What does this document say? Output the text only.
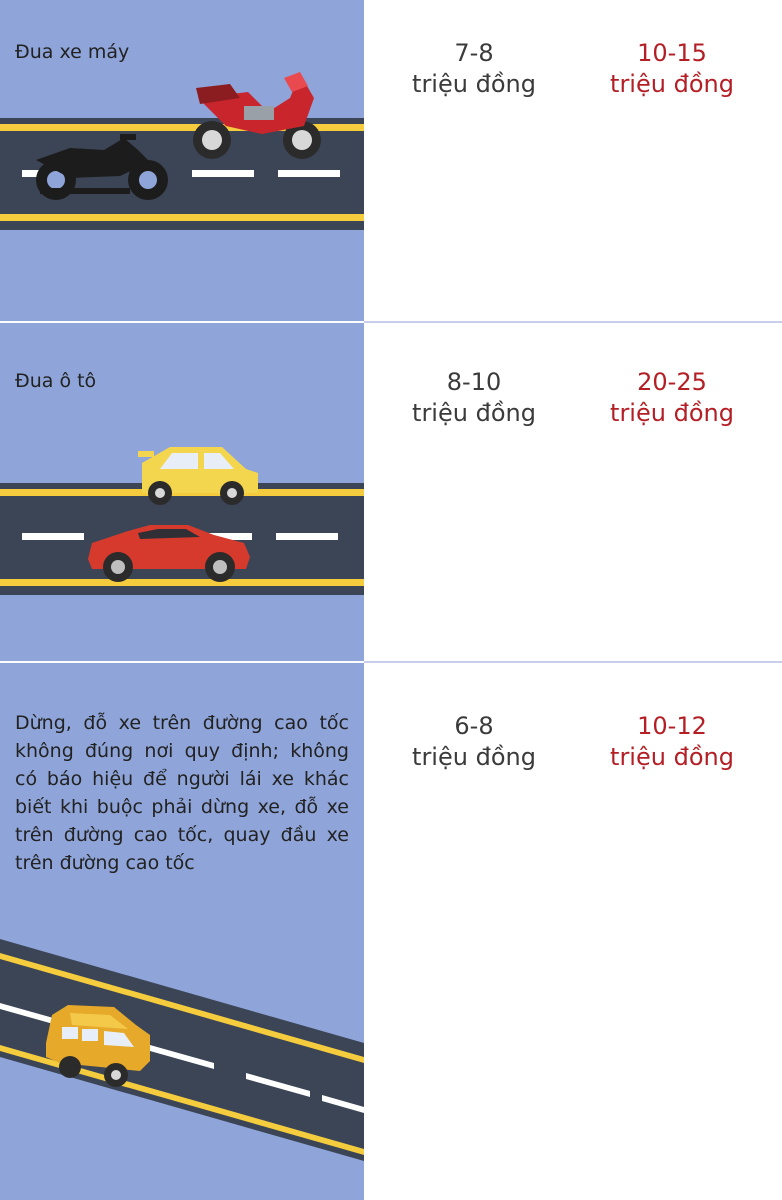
Đua xe máy	7-8
triệu đồng
10-15
triệu đồng

Đua ô tô	8-10
triệu đồng
20-25
triệu đồng

Dừng, đỗ xe trên đường cao tốc không đúng nơi quy định; không có báo hiệu để người lái xe khác biết khi buộc phải dừng xe, đỗ xe trên đường cao tốc, quay đầu xe trên đường cao tốc

6-8
triệu đồng
10-12
triệu đồng
